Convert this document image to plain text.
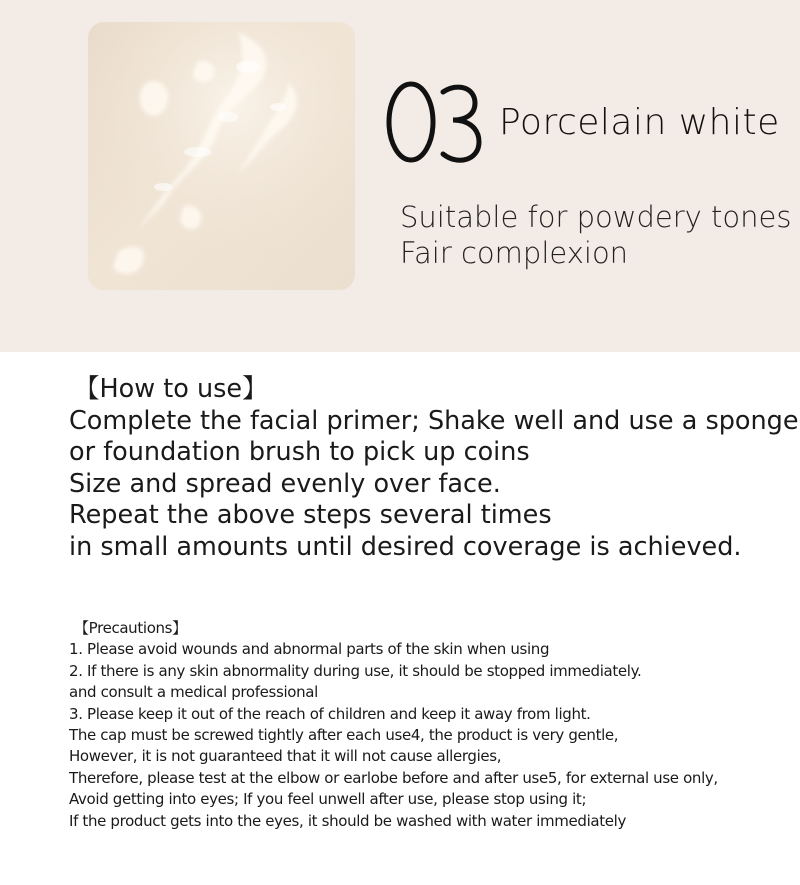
Porcelain white
Suitable for powdery tones
Fair complexion
【How to use】
Complete the facial primer; Shake well and use a sponge
or foundation brush to pick up coins
Size and spread evenly over face.
Repeat the above steps several times
in small amounts until desired coverage is achieved.
【Precautions】
1. Please avoid wounds and abnormal parts of the skin when using
2. If there is any skin abnormality during use, it should be stopped immediately.
and consult a medical professional
3. Please keep it out of the reach of children and keep it away from light.
The cap must be screwed tightly after each use4, the product is very gentle,
However, it is not guaranteed that it will not cause allergies,
Therefore, please test at the elbow or earlobe before and after use5, for external use only,
Avoid getting into eyes; If you feel unwell after use, please stop using it;
If the product gets into the eyes, it should be washed with water immediately
